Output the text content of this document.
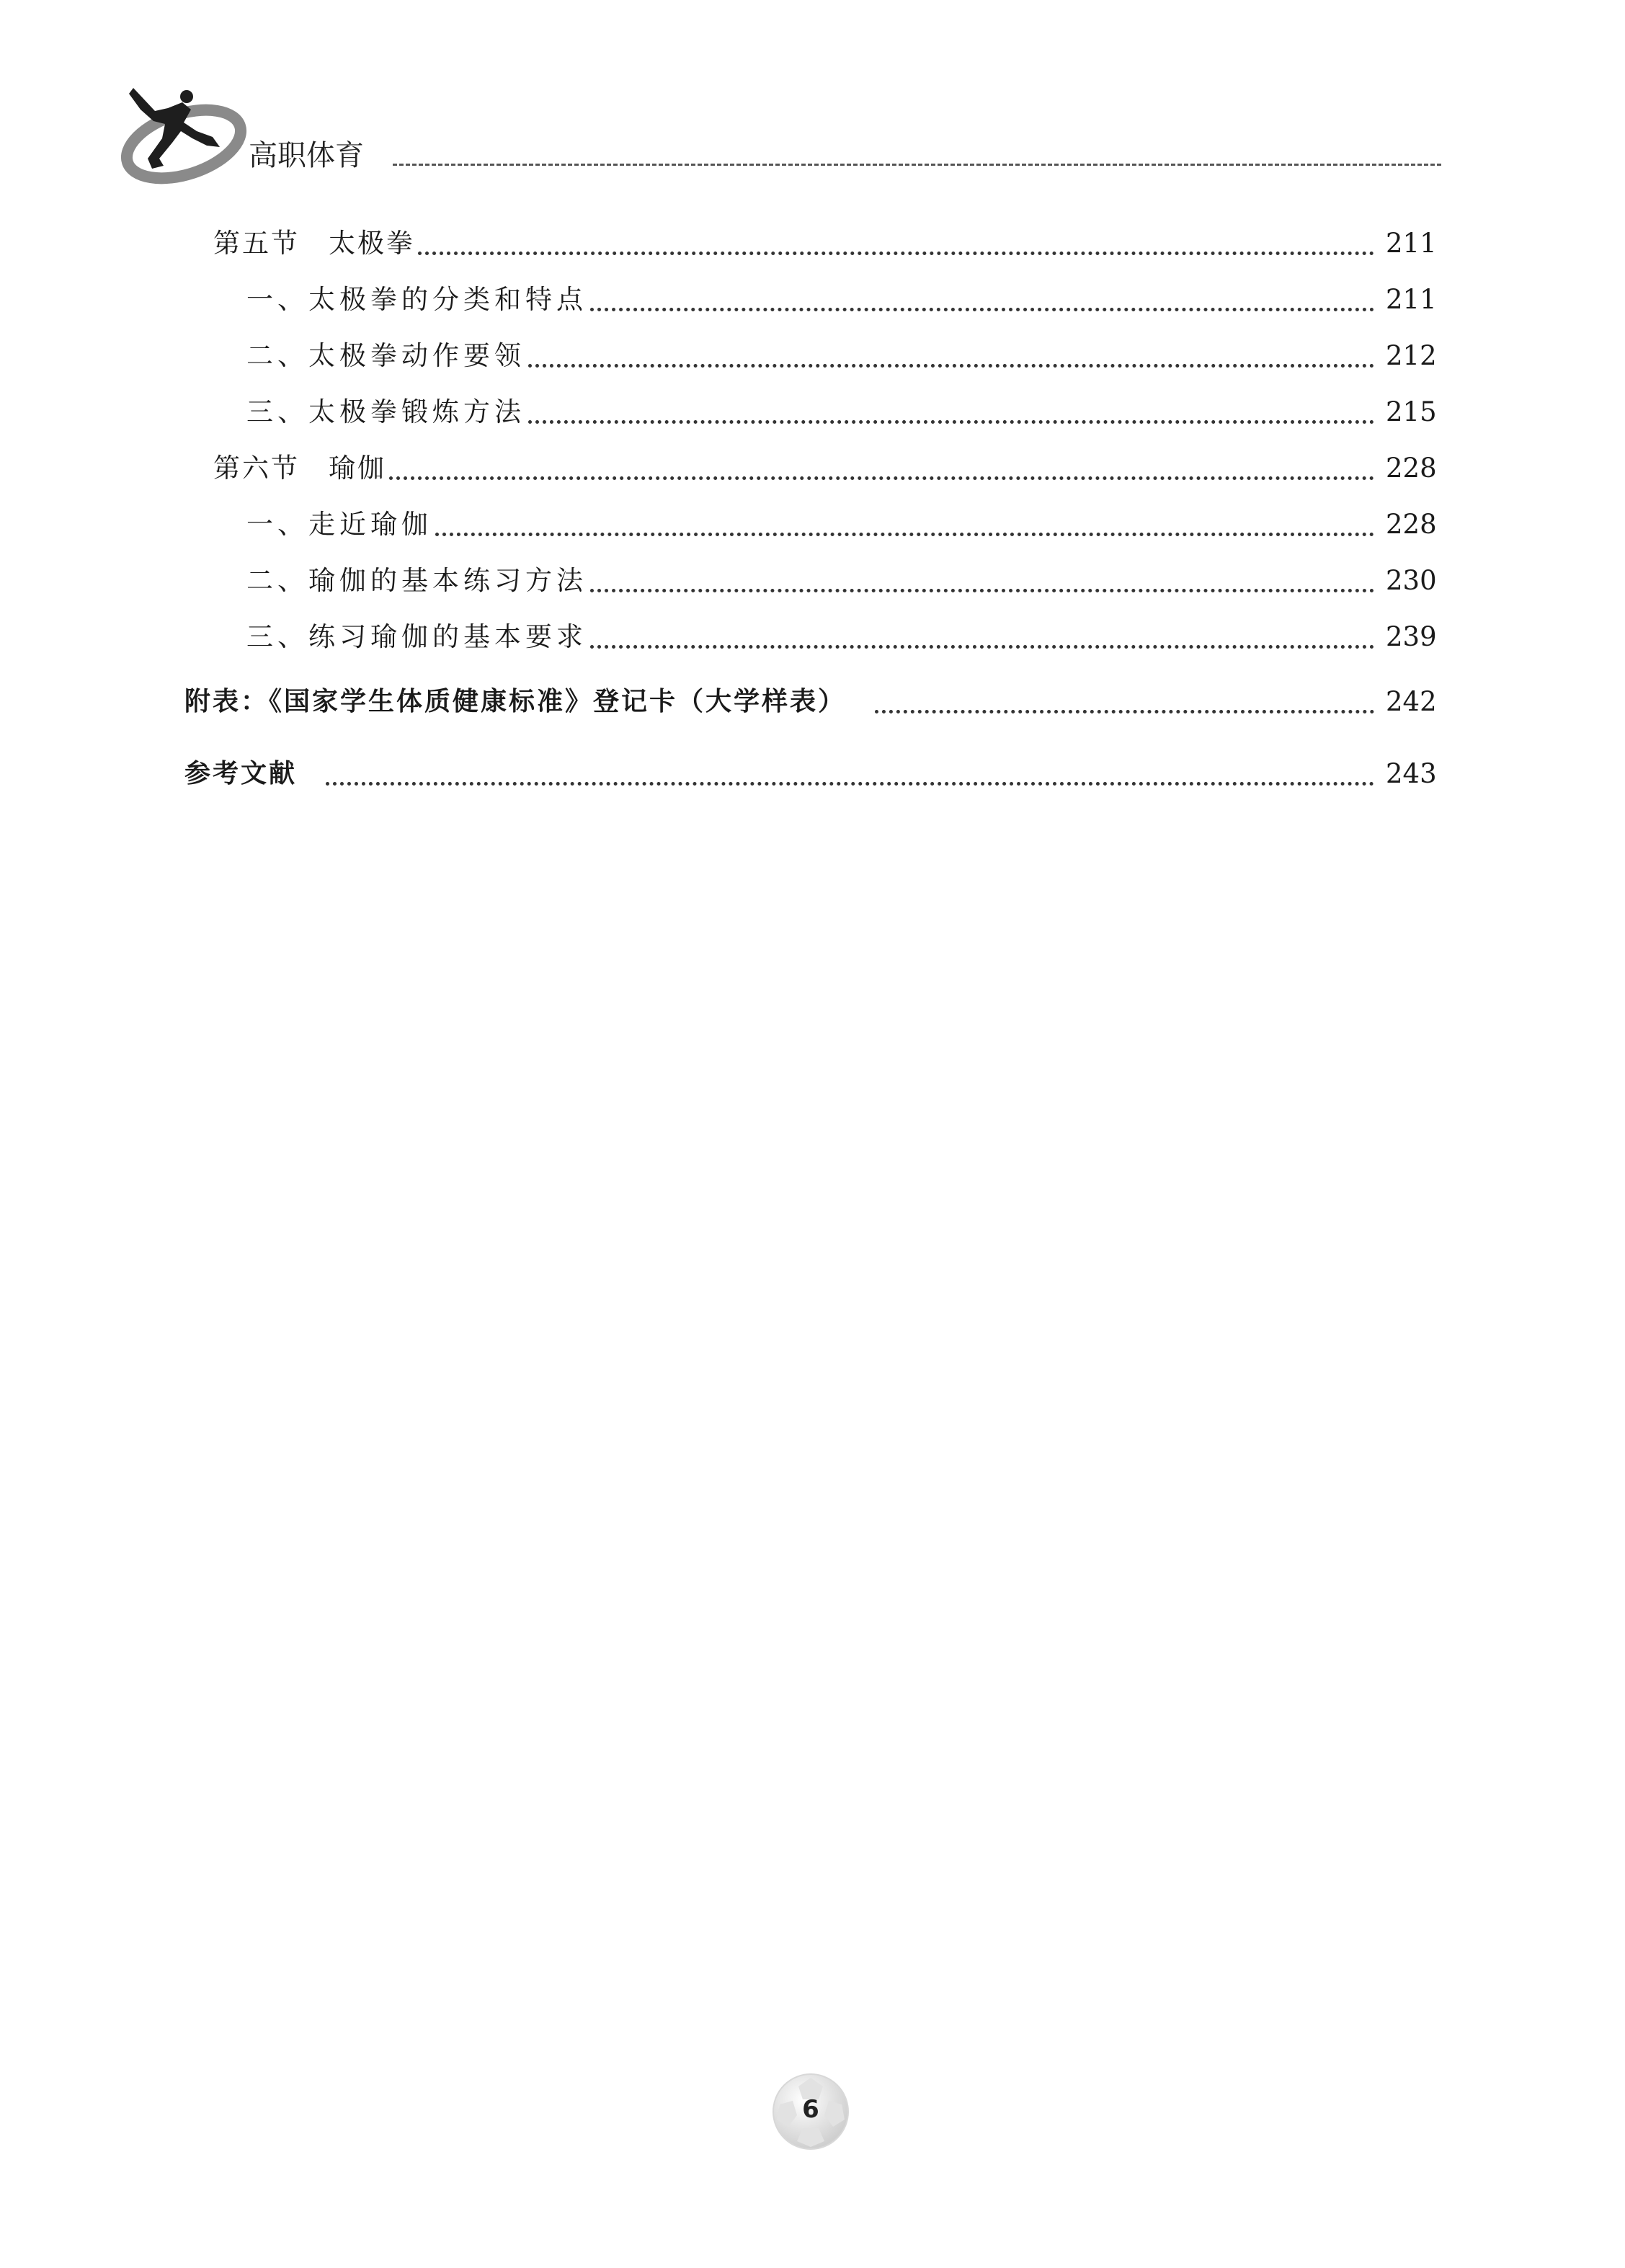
高职体育
第五节　太极拳	211
一、太极拳的分类和特点	211
二、太极拳动作要领	212
三、太极拳锻炼方法	215
第六节　瑜伽	228
一、走近瑜伽	228
二、瑜伽的基本练习方法	230
三、练习瑜伽的基本要求	239
附表：《国家学生体质健康标准》登记卡（大学样表）	242
参考文献	243
6
